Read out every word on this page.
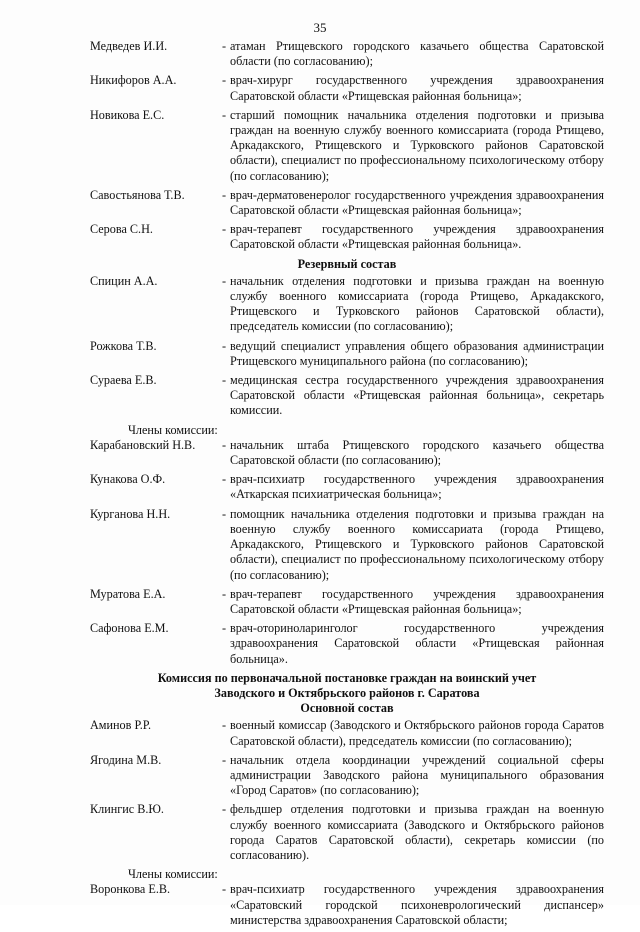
35
Медведев И.И.	- атаман Ртищевского городского казачьего общества Саратовской области (по согласованию);
Никифоров А.А.	- врач-хирург государственного учреждения здравоохранения Саратовской области «Ртищевская районная больница»;
Новикова Е.С.	- старший помощник начальника отделения подготовки и призыва граждан на военную службу военного комиссариата (города Ртищево, Аркадакского, Ртищевского и Турковского районов Саратовской области), специалист по профессиональному психологическому отбору (по согласованию);
Савостьянова Т.В.	- врач-дерматовенеролог государственного учреждения здравоохранения Саратовской области «Ртищевская районная больница»;
Серова С.Н.	- врач-терапевт государственного учреждения здравоохранения Саратовской области «Ртищевская районная больница».
Резервный состав
Спицин А.А.	- начальник отделения подготовки и призыва граждан на военную службу военного комиссариата (города Ртищево, Аркадакского, Ртищевского и Турковского районов Саратовской области), председатель комиссии (по согласованию);
Рожкова Т.В.	- ведущий специалист управления общего образования администрации Ртищевского муниципального района (по согласованию);
Сураева Е.В.	- медицинская сестра государственного учреждения здравоохранения Саратовской области «Ртищевская районная больница», секретарь комиссии.
Члены комиссии:
Карабановский Н.В.	- начальник штаба Ртищевского городского казачьего общества Саратовской области (по согласованию);
Кунакова О.Ф.	- врач-психиатр государственного учреждения здравоохранения «Аткарская психиатрическая больница»;
Курганова Н.Н.	- помощник начальника отделения подготовки и призыва граждан на военную службу военного комиссариата (города Ртищево, Аркадакского, Ртищевского и Турковского районов Саратовской области), специалист по профессиональному психологическому отбору (по согласованию);
Муратова Е.А.	- врач-терапевт государственного учреждения здравоохранения Саратовской области «Ртищевская районная больница»;
Сафонова Е.М.	- врач-оториноларинголог государственного учреждения здравоохранения Саратовской области «Ртищевская районная больница».
Комиссия по первоначальной постановке граждан на воинский учет
Заводского и Октябрьского районов г. Саратова
Основной состав
Аминов Р.Р.	- военный комиссар (Заводского и Октябрьского районов города Саратов Саратовской области), председатель комиссии (по согласованию);
Ягодина М.В.	- начальник отдела координации учреждений социальной сферы администрации Заводского района муниципального образования «Город Саратов» (по согласованию);
Клингис В.Ю.	- фельдшер отделения подготовки и призыва граждан на военную службу военного комиссариата (Заводского и Октябрьского районов города Саратов Саратовской области), секретарь комиссии (по согласованию).
Члены комиссии:
Воронкова Е.В.	- врач-психиатр государственного учреждения здравоохранения «Саратовский городской психоневрологический диспансер» министерства здравоохранения Саратовской области;
